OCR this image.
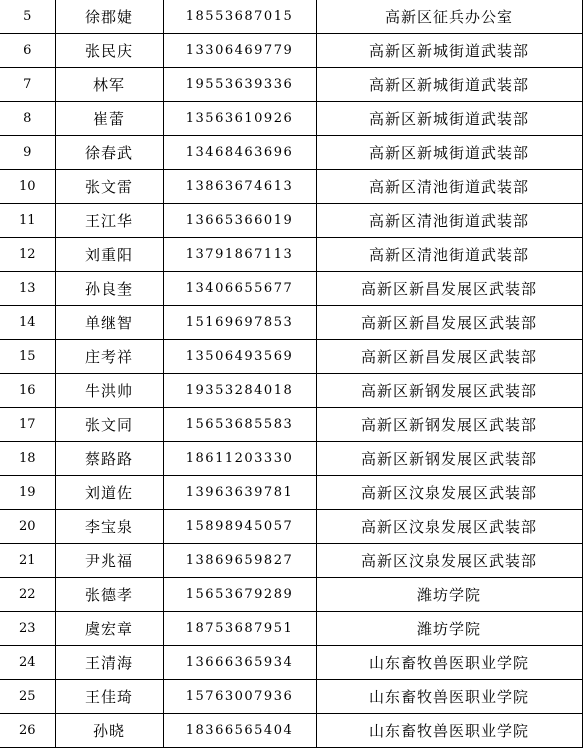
5	徐郡婕	18553687015	高新区征兵办公室
6	张民庆	13306469779	高新区新城街道武装部
7	林军	19553639336	高新区新城街道武装部
8	崔蕾	13563610926	高新区新城街道武装部
9	徐春武	13468463696	高新区新城街道武装部
10	张文雷	13863674613	高新区清池街道武装部
11	王江华	13665366019	高新区清池街道武装部
12	刘重阳	13791867113	高新区清池街道武装部
13	孙良奎	13406655677	高新区新昌发展区武装部
14	单继智	15169697853	高新区新昌发展区武装部
15	庄考祥	13506493569	高新区新昌发展区武装部
16	牛洪帅	19353284018	高新区新钢发展区武装部
17	张文同	15653685583	高新区新钢发展区武装部
18	蔡路路	18611203330	高新区新钢发展区武装部
19	刘道佐	13963639781	高新区汶泉发展区武装部
20	李宝泉	15898945057	高新区汶泉发展区武装部
21	尹兆福	13869659827	高新区汶泉发展区武装部
22	张德孝	15653679289	潍坊学院
23	虞宏章	18753687951	潍坊学院
24	王清海	13666365934	山东畜牧兽医职业学院
25	王佳琦	15763007936	山东畜牧兽医职业学院
26	孙晓	18366565404	山东畜牧兽医职业学院
